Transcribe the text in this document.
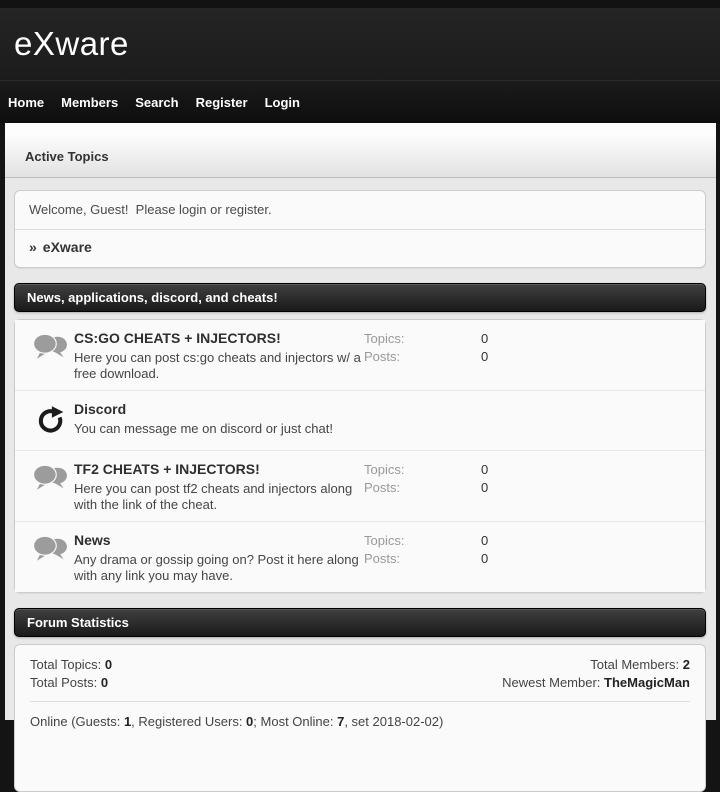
eXware
Home	Members	Search	Register	Login
Active Topics
Welcome, Guest!  Please login or register.
» eXware
News, applications, discord, and cheats!
CS:GO CHEATS + INJECTORS!
Here you can post cs:go cheats and injectors w/ a free download.
Topics:	0
Posts:	0
Discord
You can message me on discord or just chat!
TF2 CHEATS + INJECTORS!
Here you can post tf2 cheats and injectors along with the link of the cheat.
Topics:	0
Posts:	0
News
Any drama or gossip going on? Post it here along with any link you may have.
Topics:	0
Posts:	0
Forum Statistics
Total Topics: 0
Total Posts: 0
Total Members: 2
Newest Member: TheMagicMan
Online (Guests: 1, Registered Users: 0; Most Online: 7, set 2018-02-02)
